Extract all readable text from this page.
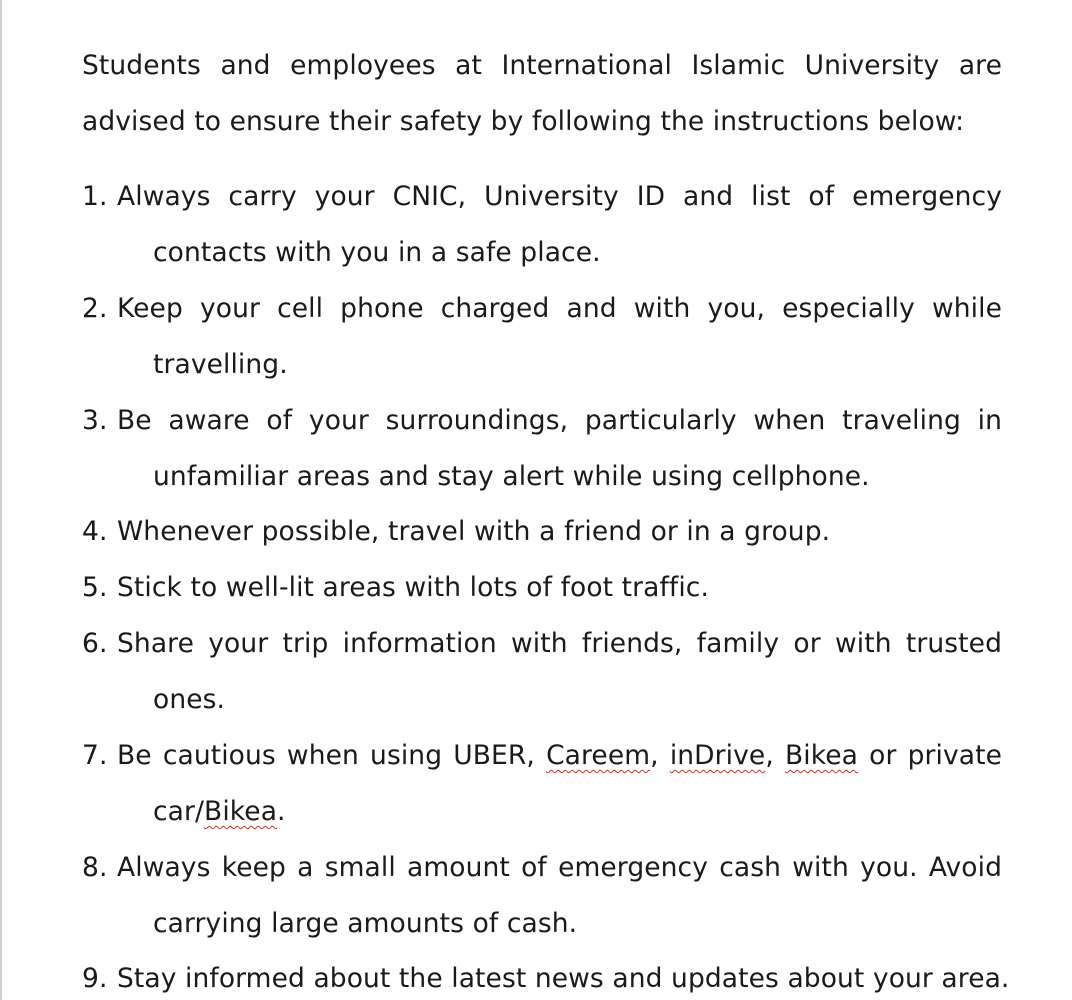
Students and employees at International Islamic University are
advised to ensure their safety by following the instructions below:
1. Always carry your CNIC, University ID and list of emergency
contacts with you in a safe place.
2. Keep your cell phone charged and with you, especially while
travelling.
3. Be aware of your surroundings, particularly when traveling in
unfamiliar areas and stay alert while using cellphone.
4. Whenever possible, travel with a friend or in a group.
5. Stick to well-lit areas with lots of foot traffic.
6. Share your trip information with friends, family or with trusted
ones.
7. Be cautious when using UBER, Careem, inDrive, Bikea or private
car/Bikea.
8. Always keep a small amount of emergency cash with you. Avoid
carrying large amounts of cash.
9. Stay informed about the latest news and updates about your area.
